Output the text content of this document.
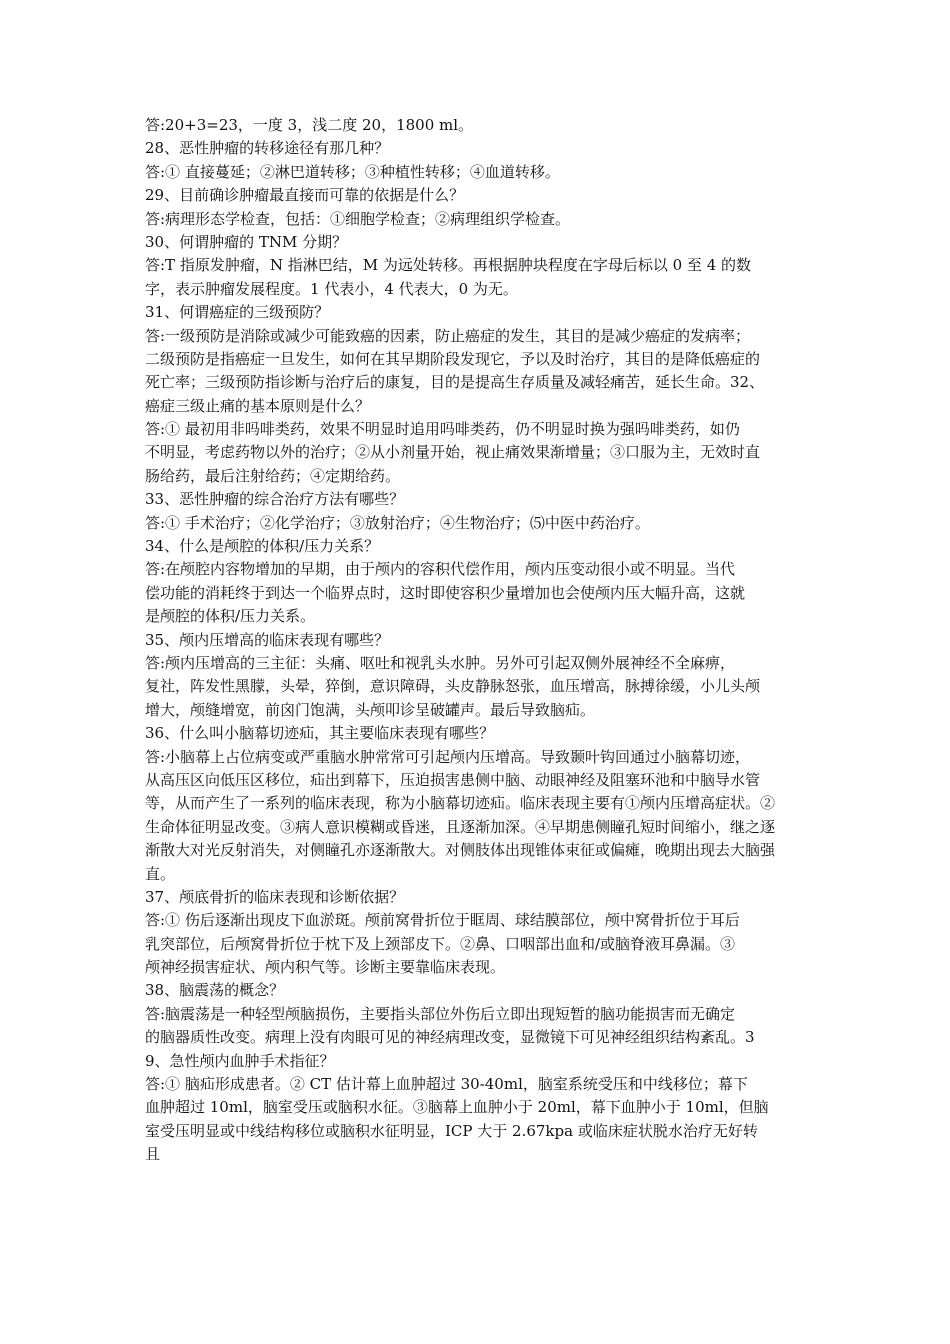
答:20+3=23，一度 3，浅二度 20，1800 ml。
28、恶性肿瘤的转移途径有那几种？
答:① 直接蔓延；②淋巴道转移；③种植性转移；④血道转移。
29、目前确诊肿瘤最直接而可靠的依据是什么？
答:病理形态学检查，包括：①细胞学检查；②病理组织学检查。
30、何谓肿瘤的 TNM 分期？
答:T 指原发肿瘤，N 指淋巴结，M 为远处转移。再根据肿块程度在字母后标以 0 至 4 的数
字，表示肿瘤发展程度。1 代表小，4 代表大，0 为无。
31、何谓癌症的三级预防？
答:一级预防是消除或减少可能致癌的因素，防止癌症的发生，其目的是减少癌症的发病率；
二级预防是指癌症一旦发生，如何在其早期阶段发现它，予以及时治疗，其目的是降低癌症的
死亡率；三级预防指诊断与治疗后的康复，目的是提高生存质量及减轻痛苦，延长生命。32、
癌症三级止痛的基本原则是什么？
答:① 最初用非吗啡类药，效果不明显时追用吗啡类药，仍不明显时换为强吗啡类药，如仍
不明显，考虑药物以外的治疗；②从小剂量开始，视止痛效果渐增量；③口服为主，无效时直
肠给药，最后注射给药；④定期给药。
33、恶性肿瘤的综合治疗方法有哪些？
答:① 手术治疗；②化学治疗；③放射治疗；④生物治疗；⑸中医中药治疗。
34、什么是颅腔的体积/压力关系？
答:在颅腔内容物增加的早期，由于颅内的容积代偿作用，颅内压变动很小或不明显。当代
偿功能的消耗终于到达一个临界点时，这时即使容积少量增加也会使颅内压大幅升高，这就
是颅腔的体积/压力关系。
35、颅内压增高的临床表现有哪些？
答:颅内压增高的三主征：头痛、呕吐和视乳头水肿。另外可引起双侧外展神经不全麻痹，
复社，阵发性黑朦，头晕，猝倒，意识障碍，头皮静脉怒张，血压增高，脉搏徐缓，小儿头颅
增大，颅缝增宽，前囟门饱满，头颅叩诊呈破罐声。最后导致脑疝。
36、什么叫小脑幕切迹疝，其主要临床表现有哪些？
答:小脑幕上占位病变或严重脑水肿常常可引起颅内压增高。导致颞叶钩回通过小脑幕切迹，
从高压区向低压区移位，疝出到幕下，压迫损害患侧中脑、动眼神经及阻塞环池和中脑导水管
等，从而产生了一系列的临床表现，称为小脑幕切迹疝。临床表现主要有①颅内压增高症状。②
生命体征明显改变。③病人意识模糊或昏迷，且逐渐加深。④早期患侧瞳孔短时间缩小，继之逐
渐散大对光反射消失，对侧瞳孔亦逐渐散大。对侧肢体出现锥体束征或偏瘫，晚期出现去大脑强
直。
37、颅底骨折的临床表现和诊断依据？
答:① 伤后逐渐出现皮下血淤斑。颅前窝骨折位于眶周、球结膜部位，颅中窝骨折位于耳后
乳突部位，后颅窝骨折位于枕下及上颈部皮下。②鼻、口咽部出血和/或脑脊液耳鼻漏。③
颅神经损害症状、颅内积气等。诊断主要靠临床表现。
38、脑震荡的概念？
答:脑震荡是一种轻型颅脑损伤，主要指头部位外伤后立即出现短暂的脑功能损害而无确定
的脑器质性改变。病理上没有肉眼可见的神经病理改变，显微镜下可见神经组织结构紊乱。3
9、急性颅内血肿手术指征？
答:① 脑疝形成患者。② CT 估计幕上血肿超过 30-40ml，脑室系统受压和中线移位；幕下
血肿超过 10ml，脑室受压或脑积水征。③脑幕上血肿小于 20ml，幕下血肿小于 10ml，但脑
室受压明显或中线结构移位或脑积水征明显，ICP 大于 2.67kpa 或临床症状脱水治疗无好转
且
